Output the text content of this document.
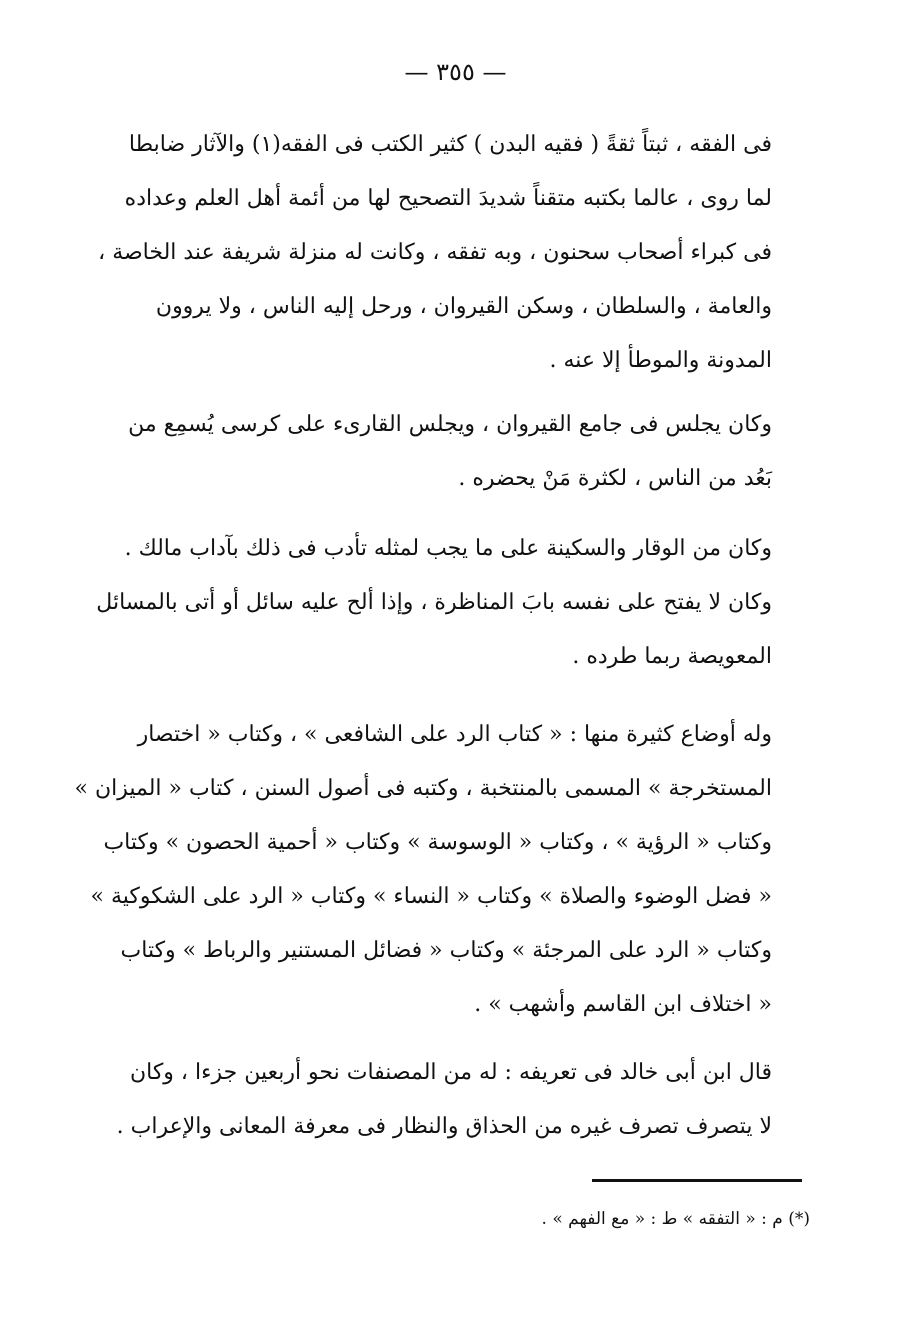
— ٣٥٥ —
فى الفقه ، ثبتاً ثقةً ( فقيه البدن ) كثير الكتب فى الفقه(١) والآثار ضابطا
لما روى ، عالما بكتبه متقناً شديدَ التصحيح لها من أئمة أهل العلم وعداده
فى كبراء أصحاب سحنون ، وبه تفقه ، وكانت له منزلة شريفة عند الخاصة ،
والعامة ، والسلطان ، وسكن القيروان ، ورحل إليه الناس ، ولا يروون
المدونة والموطأ إلا عنه .
وكان يجلس فى جامع القيروان ، ويجلس القارىء على كرسى يُسمِع من
بَعُد من الناس ، لكثرة مَنْ يحضره .
وكان من الوقار والسكينة على ما يجب لمثله تأدب فى ذلك بآداب مالك .
وكان لا يفتح على نفسه بابَ المناظرة ، وإذا ألح عليه سائل أو أتى بالمسائل
المعويصة ربما طرده .
وله أوضاع كثيرة منها : « كتاب الرد على الشافعى » ، وكتاب « اختصار
المستخرجة » المسمى بالمنتخبة ، وكتبه فى أصول السنن ، كتاب « الميزان »
وكتاب « الرؤية » ، وكتاب « الوسوسة » وكتاب « أحمية الحصون » وكتاب
« فضل الوضوء والصلاة » وكتاب « النساء » وكتاب « الرد على الشكوكية »
وكتاب « الرد على المرجئة » وكتاب « فضائل المستنير والرباط » وكتاب
« اختلاف ابن القاسم وأشهب » .
قال ابن أبى خالد فى تعريفه : له من المصنفات نحو أربعين جزءا ، وكان
لا يتصرف تصرف غيره من الحذاق والنظار فى معرفة المعانى والإعراب .
(*) م : « التفقه » ط : « مع الفهم » .
